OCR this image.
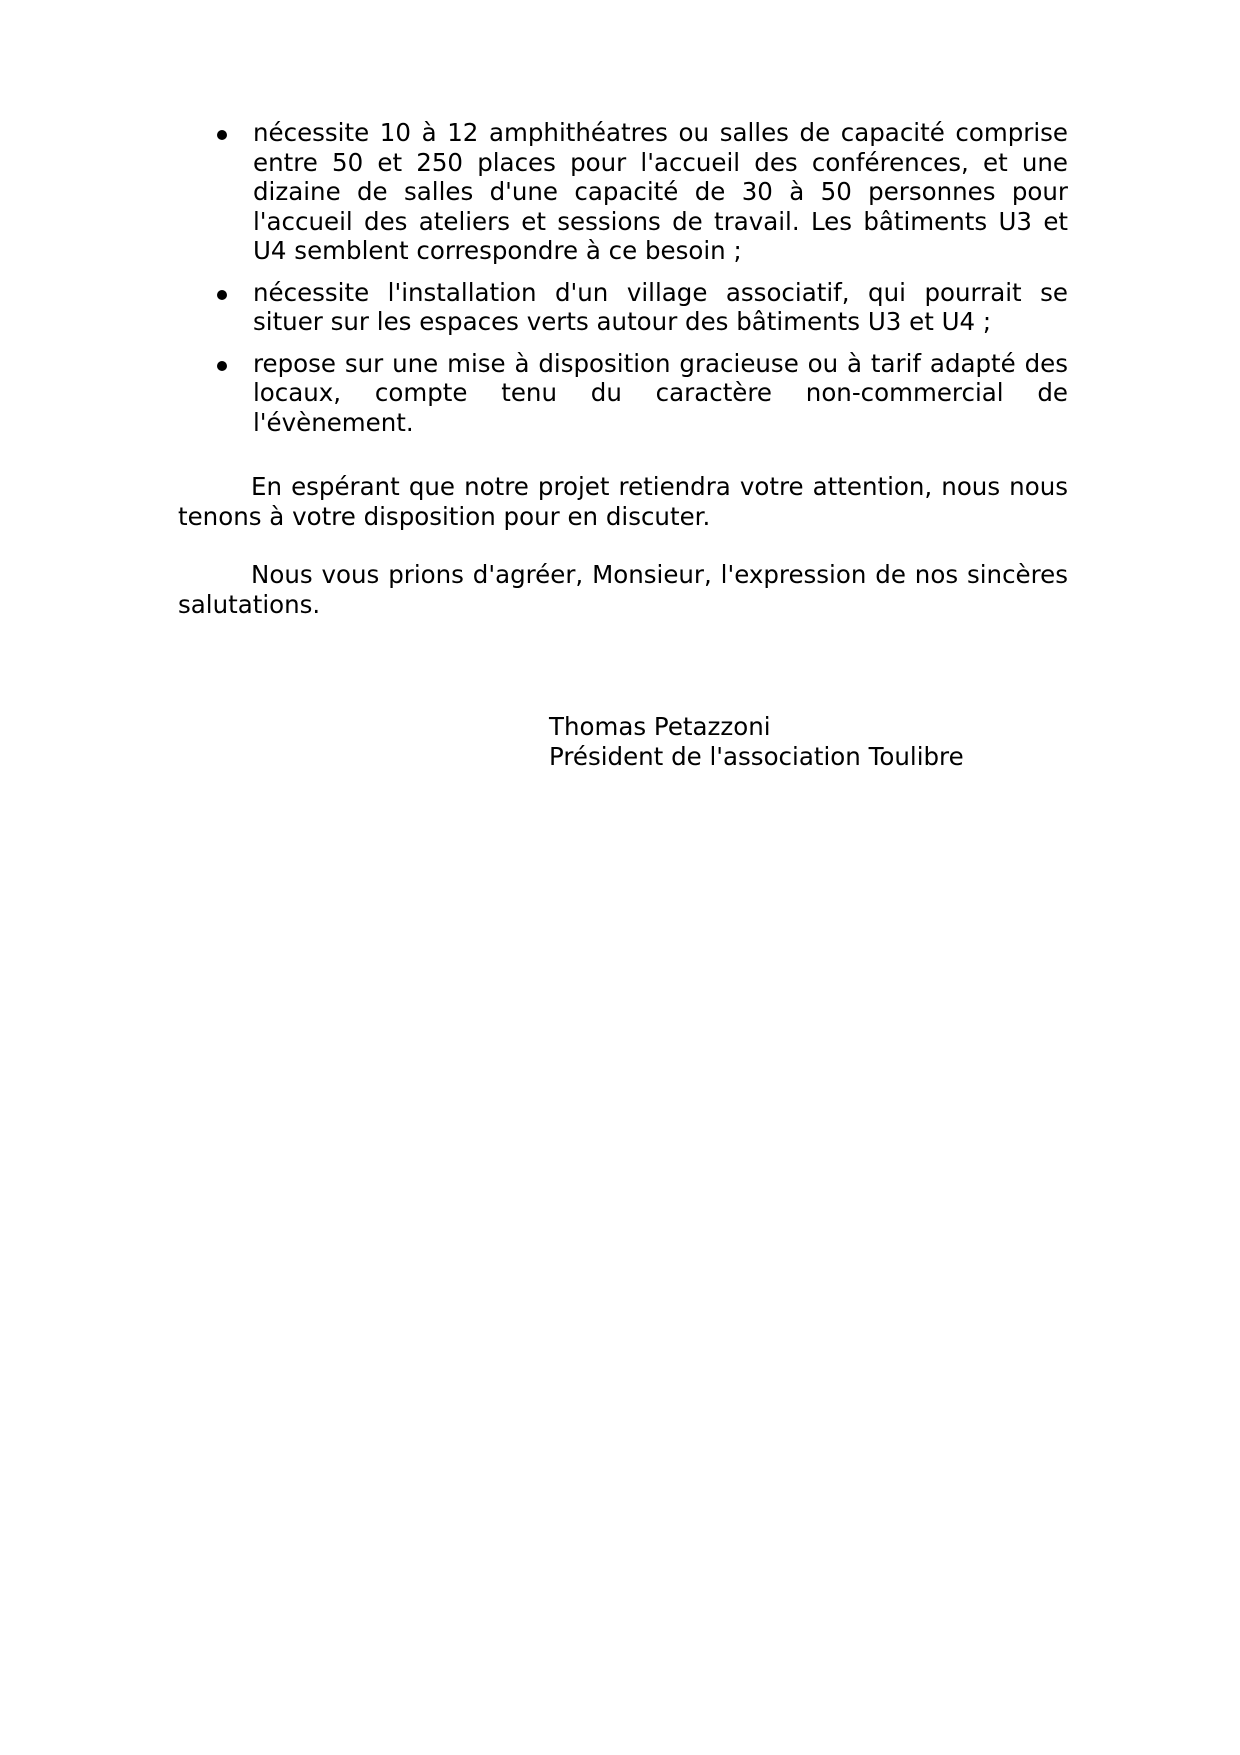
nécessite 10 à 12 amphithéatres ou salles de capacité comprise entre 50 et 250 places pour l'accueil des conférences, et une dizaine de salles d'une capacité de 30 à 50 personnes pour l'accueil des ateliers et sessions de travail. Les bâtiments U3 et U4 semblent correspondre à ce besoin ;
nécessite l'installation d'un village associatif, qui pourrait se situer sur les espaces verts autour des bâtiments U3 et U4 ;
repose sur une mise à disposition gracieuse ou à tarif adapté des locaux, compte tenu du caractère non-commercial de l'évènement.

En espérant que notre projet retiendra votre attention, nous nous tenons à votre disposition pour en discuter.

Nous vous prions d'agréer, Monsieur, l'expression de nos sincères salutations.

Thomas Petazzoni
Président de l'association Toulibre
